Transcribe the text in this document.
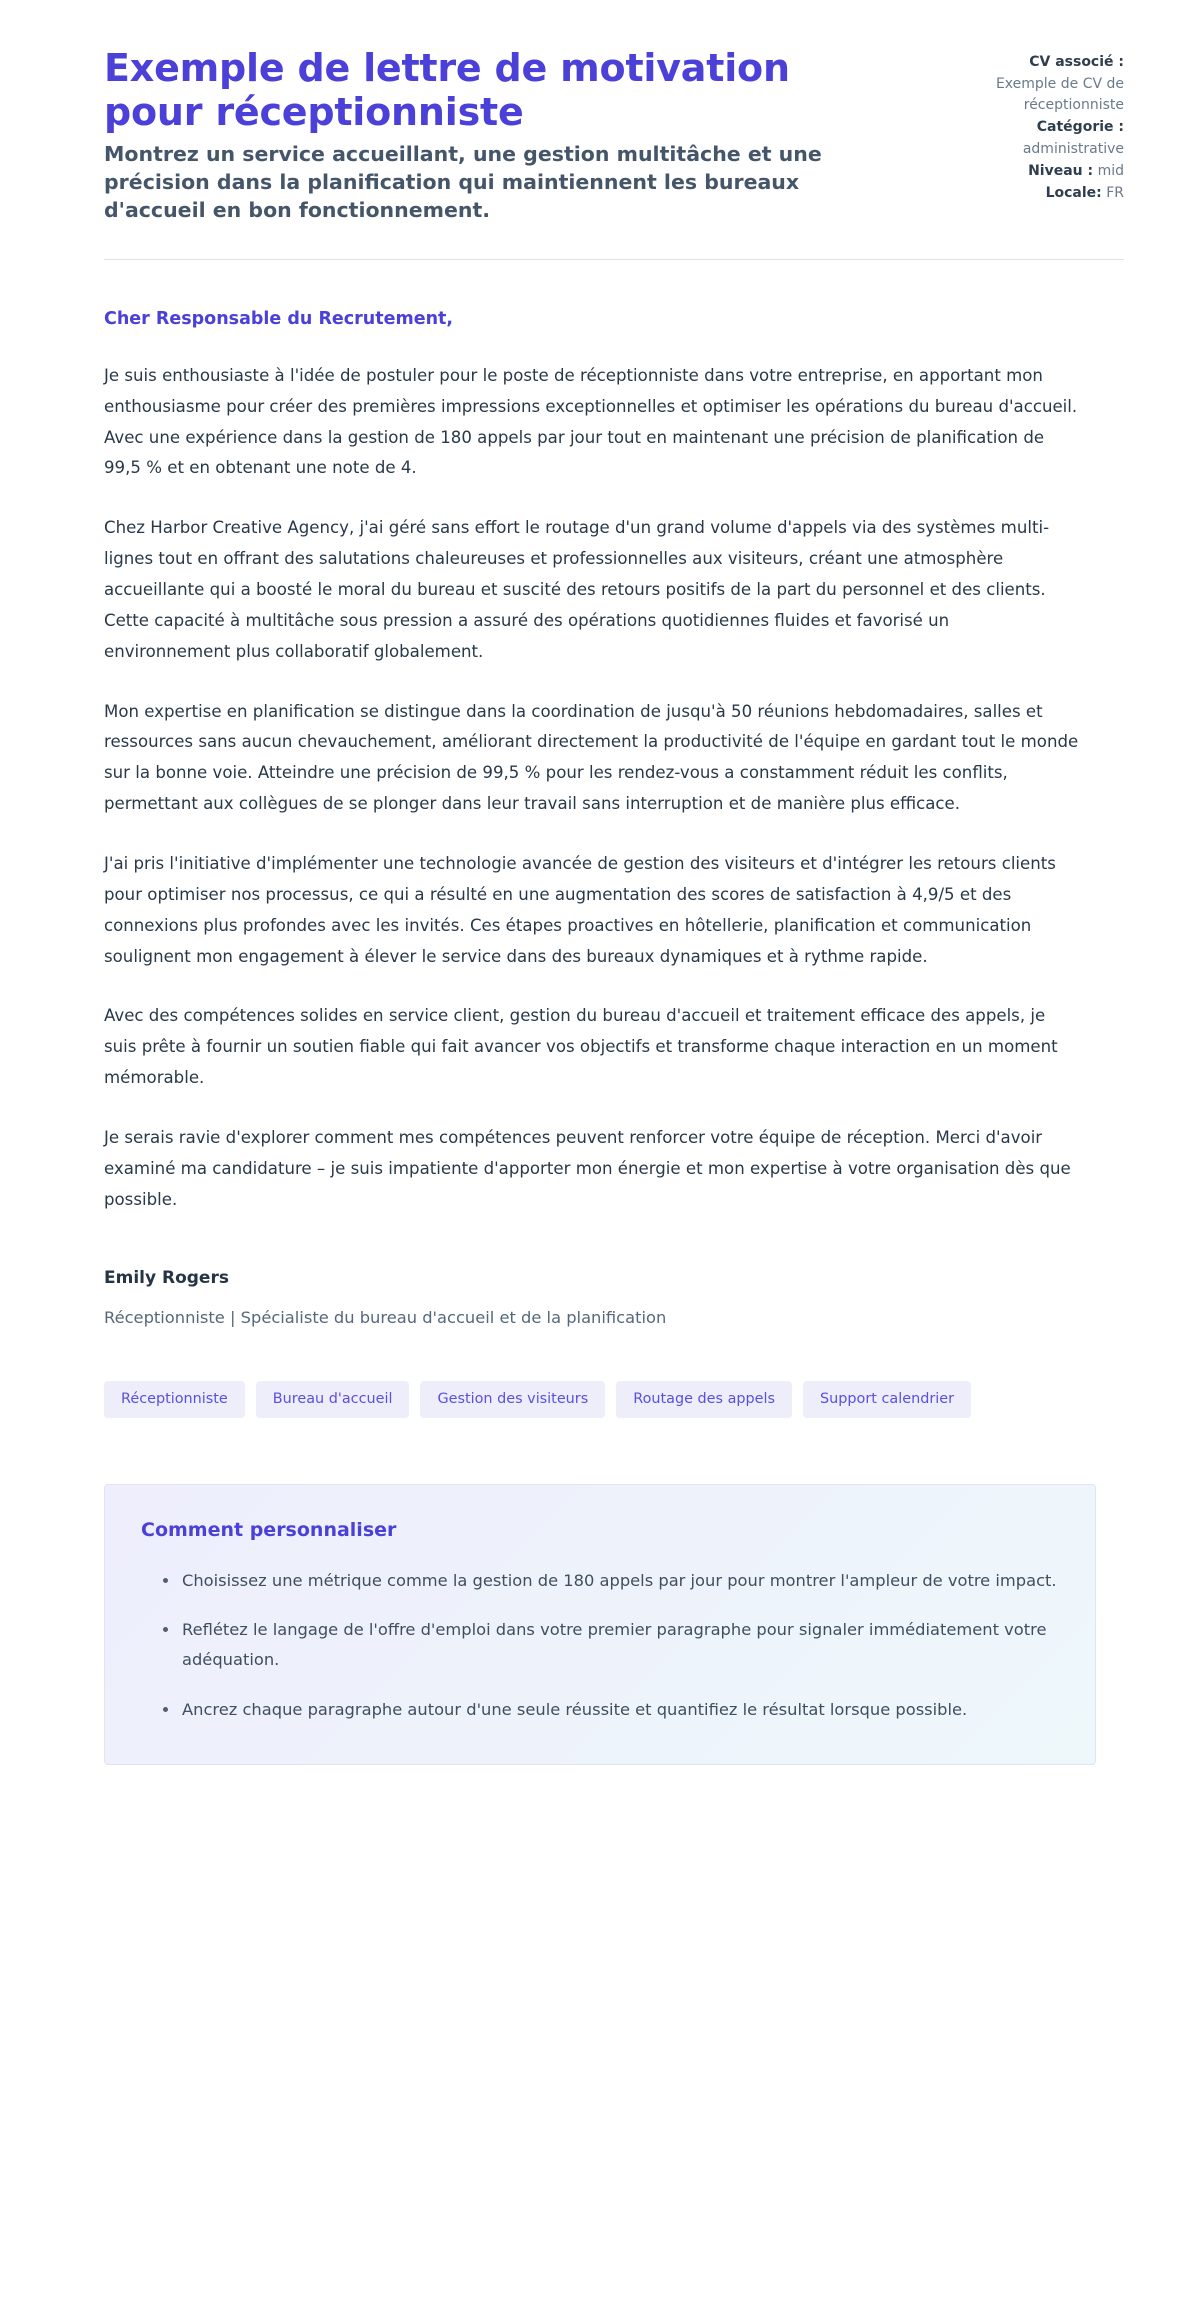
Exemple de lettre de motivation pour réceptionniste

Montrez un service accueillant, une gestion multitâche et une précision dans la planification qui maintiennent les bureaux d'accueil en bon fonctionnement.

CV associé :
Exemple de CV de réceptionniste
Catégorie :
administrative
Niveau : mid
Locale: FR

Cher Responsable du Recrutement,

Je suis enthousiaste à l'idée de postuler pour le poste de réceptionniste dans votre entreprise, en apportant mon enthousiasme pour créer des premières impressions exceptionnelles et optimiser les opérations du bureau d'accueil. Avec une expérience dans la gestion de 180 appels par jour tout en maintenant une précision de planification de 99,5 % et en obtenant une note de 4.

Chez Harbor Creative Agency, j'ai géré sans effort le routage d'un grand volume d'appels via des systèmes multi-lignes tout en offrant des salutations chaleureuses et professionnelles aux visiteurs, créant une atmosphère accueillante qui a boosté le moral du bureau et suscité des retours positifs de la part du personnel et des clients. Cette capacité à multitâche sous pression a assuré des opérations quotidiennes fluides et favorisé un environnement plus collaboratif globalement.

Mon expertise en planification se distingue dans la coordination de jusqu'à 50 réunions hebdomadaires, salles et ressources sans aucun chevauchement, améliorant directement la productivité de l'équipe en gardant tout le monde sur la bonne voie. Atteindre une précision de 99,5 % pour les rendez-vous a constamment réduit les conflits, permettant aux collègues de se plonger dans leur travail sans interruption et de manière plus efficace.

J'ai pris l'initiative d'implémenter une technologie avancée de gestion des visiteurs et d'intégrer les retours clients pour optimiser nos processus, ce qui a résulté en une augmentation des scores de satisfaction à 4,9/5 et des connexions plus profondes avec les invités. Ces étapes proactives en hôtellerie, planification et communication soulignent mon engagement à élever le service dans des bureaux dynamiques et à rythme rapide.

Avec des compétences solides en service client, gestion du bureau d'accueil et traitement efficace des appels, je suis prête à fournir un soutien fiable qui fait avancer vos objectifs et transforme chaque interaction en un moment mémorable.

Je serais ravie d'explorer comment mes compétences peuvent renforcer votre équipe de réception. Merci d'avoir examiné ma candidature – je suis impatiente d'apporter mon énergie et mon expertise à votre organisation dès que possible.

Emily Rogers

Réceptionniste | Spécialiste du bureau d'accueil et de la planification

Réceptionniste	Bureau d'accueil	Gestion des visiteurs	Routage des appels	Support calendrier
Comment personnaliser
Choisissez une métrique comme la gestion de 180 appels par jour pour montrer l'ampleur de votre impact.
Reflétez le langage de l'offre d'emploi dans votre premier paragraphe pour signaler immédiatement votre adéquation.
Ancrez chaque paragraphe autour d'une seule réussite et quantifiez le résultat lorsque possible.
